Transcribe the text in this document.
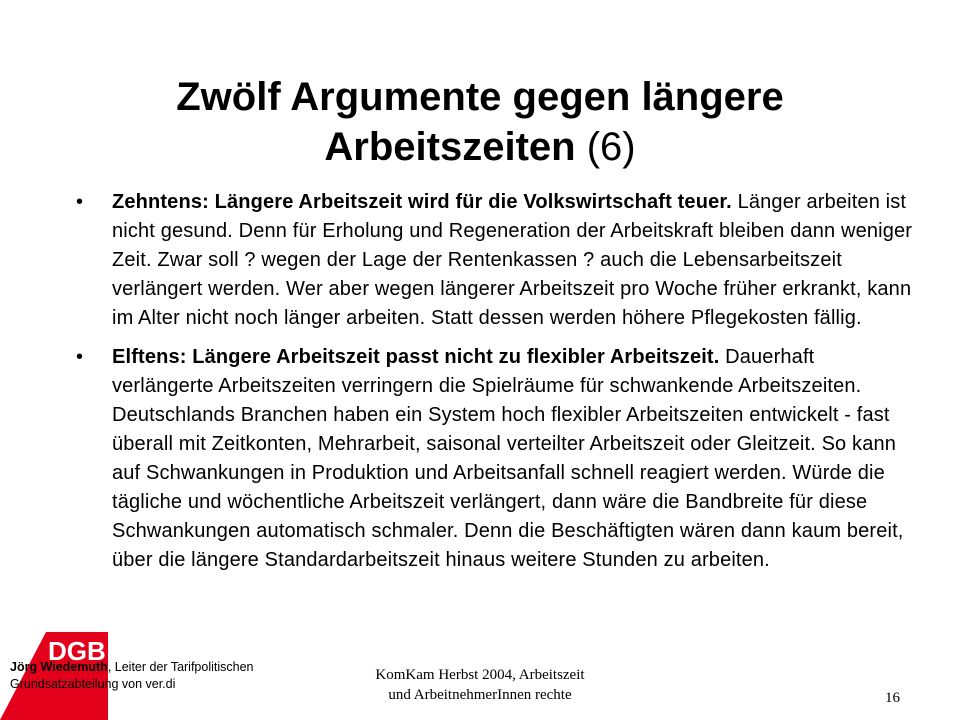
Zwölf Argumente gegen längere Arbeitszeiten (6)
• Zehntens: Längere Arbeitszeit wird für die Volkswirtschaft teuer. Länger arbeiten ist nicht gesund. Denn für Erholung und Regeneration der Arbeitskraft bleiben dann weniger Zeit. Zwar soll ? wegen der Lage der Rentenkassen ? auch die Lebensarbeitszeit verlängert werden. Wer aber wegen längerer Arbeitszeit pro Woche früher erkrankt, kann im Alter nicht noch länger arbeiten. Statt dessen werden höhere Pflegekosten fällig.
• Elftens: Längere Arbeitszeit passt nicht zu flexibler Arbeitszeit. Dauerhaft verlängerte Arbeitszeiten verringern die Spielräume für schwankende Arbeitszeiten. Deutschlands Branchen haben ein System hoch flexibler Arbeitszeiten entwickelt - fast überall mit Zeitkonten, Mehrarbeit, saisonal verteilter Arbeitszeit oder Gleitzeit. So kann auf Schwankungen in Produktion und Arbeitsanfall schnell reagiert werden. Würde die tägliche und wöchentliche Arbeitszeit verlängert, dann wäre die Bandbreite für diese Schwankungen automatisch schmaler. Denn die Beschäftigten wären dann kaum bereit, über die längere Standardarbeitszeit hinaus weitere Stunden zu arbeiten.
DGB
Jörg Wiedemuth, Leiter der Tarifpolitischen Grundsatzabteilung von ver.di
KomKam Herbst 2004, Arbeitszeit
und ArbeitnehmerInnen rechte	16
